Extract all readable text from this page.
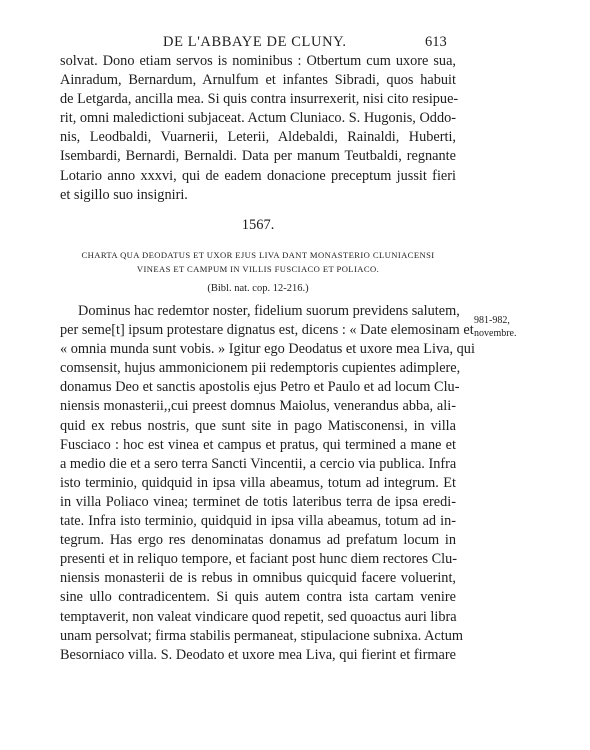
DE L'ABBAYE DE CLUNY.	613
solvat. Dono etiam servos is nominibus : Otbertum cum uxore sua,
Ainradum, Bernardum, Arnulfum et infantes Sibradi, quos habuit
de Letgarda, ancilla mea. Si quis contra insurrexerit, nisi cito resipue-
rit, omni maledictioni subjaceat. Actum Cluniaco. S. Hugonis, Oddo-
nis, Leodbaldi, Vuarnerii, Leterii, Aldebaldi, Rainaldi, Huberti,
Isembardi, Bernardi, Bernaldi. Data per manum Teutbaldi, regnante
Lotario anno xxxvi, qui de eadem donacione preceptum jussit fieri
et sigillo suo insigniri.
1567.
CHARTA QUA DEODATUS ET UXOR EJUS LIVA DANT MONASTERIO CLUNIACENSI
VINEAS ET CAMPUM IN VILLIS FUSCIACO ET POLIACO.
(Bibl. nat. cop. 12-216.)
981-982,
novembre.
Dominus hac redemtor noster, fidelium suorum previdens salutem,
per seme[t] ipsum protestare dignatus est, dicens : « Date elemosinam et
« omnia munda sunt vobis. » Igitur ego Deodatus et uxore mea Liva, qui
comsensit, hujus ammonicionem pii redemptoris cupientes adimplere,
donamus Deo et sanctis apostolis ejus Petro et Paulo et ad locum Clu-
niensis monasterii,,cui preest domnus Maiolus, venerandus abba, ali-
quid ex rebus nostris, que sunt site in pago Matisconensi, in villa
Fusciaco : hoc est vinea et campus et pratus, qui termined a mane et
a medio die et a sero terra Sancti Vincentii, a cercio via publica. Infra
isto terminio, quidquid in ipsa villa abeamus, totum ad integrum. Et
in villa Poliaco vinea; terminet de totis lateribus terra de ipsa eredi-
tate. Infra isto terminio, quidquid in ipsa villa abeamus, totum ad in-
tegrum. Has ergo res denominatas donamus ad prefatum locum in
presenti et in reliquo tempore, et faciant post hunc diem rectores Clu-
niensis monasterii de is rebus in omnibus quicquid facere voluerint,
sine ullo contradicentem. Si quis autem contra ista cartam venire
temptaverit, non valeat vindicare quod repetit, sed quoactus auri libra
unam persolvat; firma stabilis permaneat, stipulacione subnixa. Actum
Besorniaco villa. S. Deodato et uxore mea Liva, qui fierint et firmare
